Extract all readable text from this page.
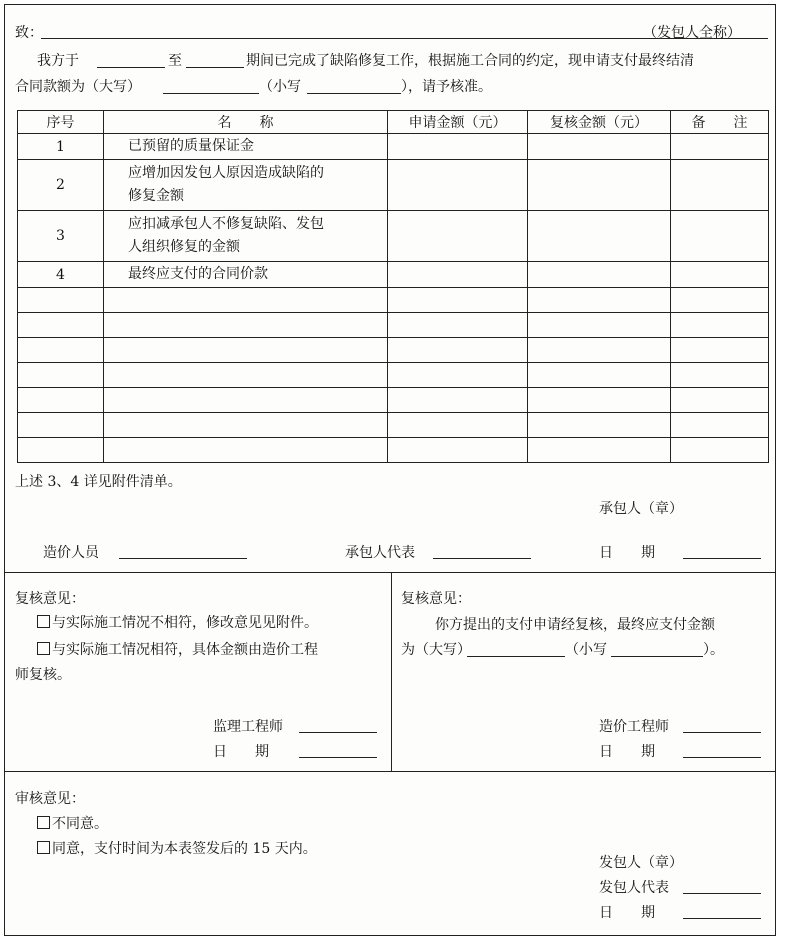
致：	（发包人全称）
我方于	至	期间已完成了缺陷修复工作，根据施工合同的约定，现申请支付最终结清
合同款额为（大写）	（小写	），请予核准。
序号	名　　称	申请金额（元）	复核金额（元）	备　　注
1	已预留的质量保证金			

2	应增加因发包人原因造成缺陷的
修复金额			

3	应扣减承包人不修复缺陷、发包
人组织修复的金额			

4	最终应支付的合同价款			

上述 3、4 详见附件清单。
承包人（章）
造价人员	承包人代表	日　　期
复核意见：
与实际施工情况不相符，修改意见见附件。
与实际施工情况相符，具体金额由造价工程
师复核。
监理工程师
日　　期
复核意见：
你方提出的支付申请经复核，最终应支付金额
为（大写）	（小写	）。
造价工程师
日　　期
审核意见：
不同意。
同意，支付时间为本表签发后的 15 天内。
发包人（章）
发包人代表
日　　期
